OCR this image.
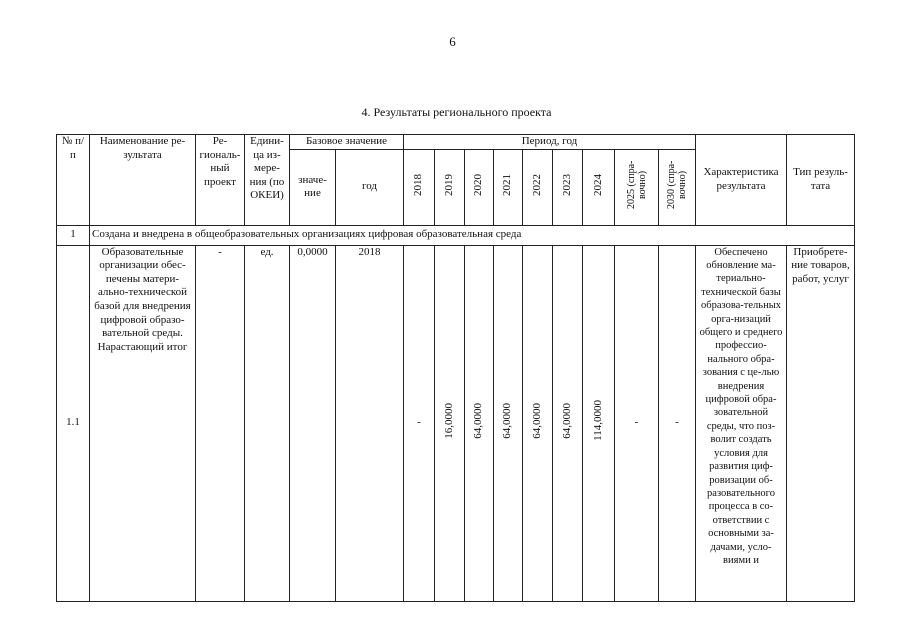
6
4. Результаты регионального проекта
№ п/п	Наименование ре-зультата	Ре-гиональ-ный проект	Едини-ца из-мере-ния (по ОКЕИ)	Базовое значение		Период, год									Характеристика результата	Тип резуль-тата
				значе-ние	год	2018	2019	2020	2021	2022	2023	2024	2025 (спра-вочно)	2030 (спра-вочно)		
1	Создана и внедрена в общеобразовательных организациях цифровая образовательная среда															
1.1	Образовательные организации обес-печены матери-ально-технической базой для внедрения цифровой образо-вательной среды. Нарастающий итог	-	ед.	0,0000	2018	-	16,0000	64,0000	64,0000	64,0000	64,0000	114,0000	-	-	Обеспечено обновление ма-териально-технической базы образова-тельных орга-низаций общего и среднего профессио-нального обра-зования с це-лью внедрения цифровой обра-зовательной среды, что поз-волит создать условия для развития циф-ровизации об-разовательного процесса в со-ответствии с основными за-дачами, усло-виями и	Приобрете-ние товаров, работ, услуг
